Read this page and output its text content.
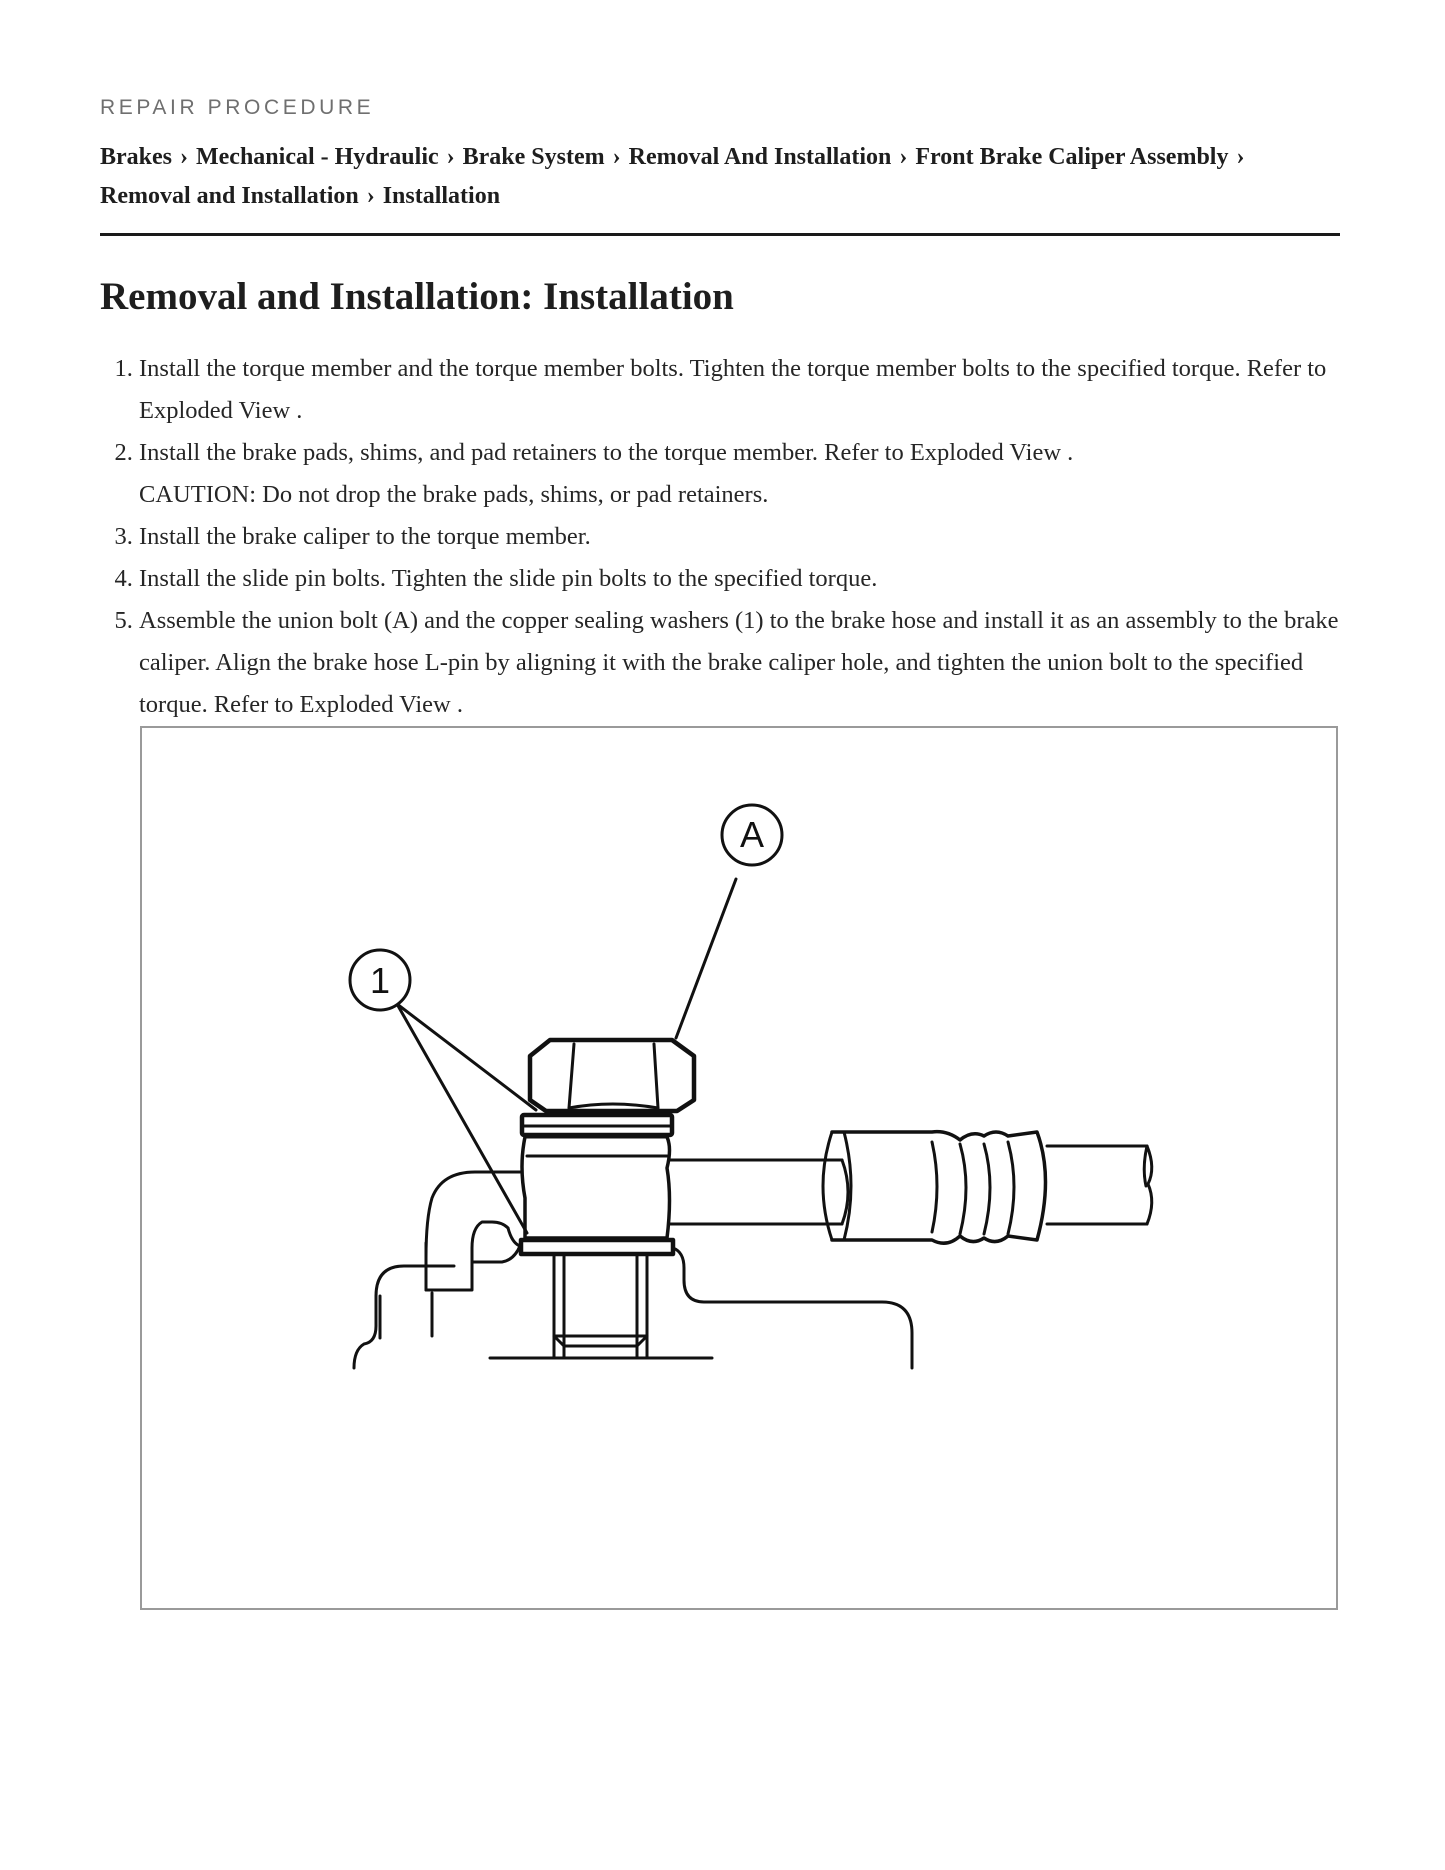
REPAIR PROCEDURE

Brakes › Mechanical - Hydraulic › Brake System › Removal And Installation › Front Brake Caliper Assembly › Removal and Installation › Installation
Removal and Installation: Installation
1. Install the torque member and the torque member bolts. Tighten the torque member bolts to the specified torque. Refer to Exploded View .
2. Install the brake pads, shims, and pad retainers to the torque member. Refer to Exploded View .
CAUTION: Do not drop the brake pads, shims, or pad retainers.
3. Install the brake caliper to the torque member.
4. Install the slide pin bolts. Tighten the slide pin bolts to the specified torque.
5. Assemble the union bolt (A) and the copper sealing washers (1) to the brake hose and install it as an assembly to the brake caliper. Align the brake hose L-pin by aligning it with the brake caliper hole, and tighten the union bolt to the specified torque. Refer to Exploded View .
A
1
